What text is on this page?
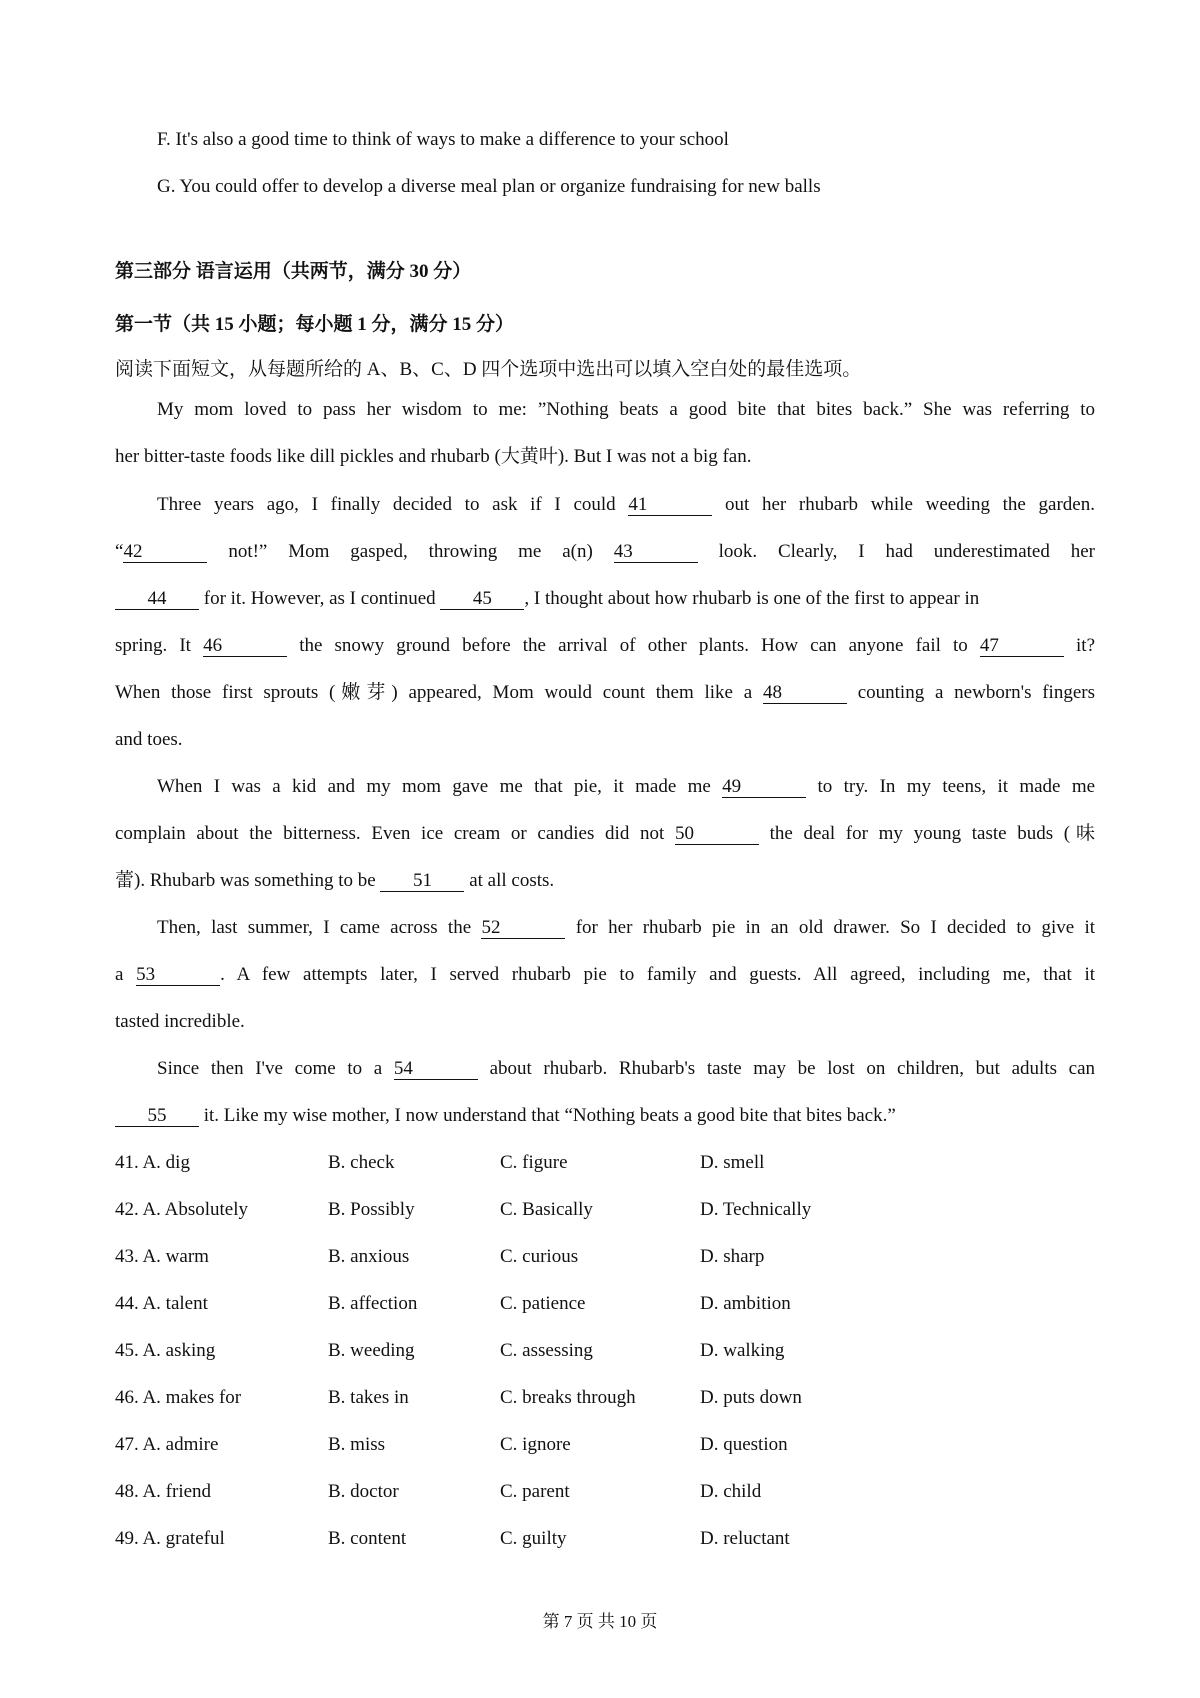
F. It's also a good time to think of ways to make a difference to your school
G. You could offer to develop a diverse meal plan or organize fundraising for new balls
第三部分 语言运用（共两节，满分 30 分）
第一节（共 15 小题；每小题 1 分，满分 15 分）
阅读下面短文，从每题所给的 A、B、C、D 四个选项中选出可以填入空白处的最佳选项。
My mom loved to pass her wisdom to me: ”Nothing beats a good bite that bites back.” She was referring to
her bitter-taste foods like dill pickles and rhubarb (大黄叶). But I was not a big fan.
Three years ago, I finally decided to ask if I could 41	out her rhubarb while weeding the garden.
“42	not!” Mom gasped, throwing me a(n) 43	look. Clearly, I had underestimated her
44 for it. However, as I continued 45 , I thought about how rhubarb is one of the first to appear in
spring. It 46	the snowy ground before the arrival of other plants. How can anyone fail to 47	it?
When those first sprouts (嫩芽) appeared, Mom would count them like a 48	counting a newborn's fingers
and toes.
When I was a kid and my mom gave me that pie, it made me 49	to try. In my teens, it made me
complain about the bitterness. Even ice cream or candies did not 50	the deal for my young taste buds (味
蕾). Rhubarb was something to be 51 at all costs.
Then, last summer, I came across the 52	for her rhubarb pie in an old drawer. So I decided to give it
a 53	. A few attempts later, I served rhubarb pie to family and guests. All agreed, including me, that it
tasted incredible.
Since then I've come to a 54	about rhubarb. Rhubarb's taste may be lost on children, but adults can
55 it. Like my wise mother, I now understand that “Nothing beats a good bite that bites back.”
41. A. dig	B. check	C. figure	D. smell
42. A. Absolutely	B. Possibly	C. Basically	D. Technically
43. A. warm	B. anxious	C. curious	D. sharp
44. A. talent	B. affection	C. patience	D. ambition
45. A. asking	B. weeding	C. assessing	D. walking
46. A. makes for	B. takes in	C. breaks through	D. puts down
47. A. admire	B. miss	C. ignore	D. question
48. A. friend	B. doctor	C. parent	D. child
49. A. grateful	B. content	C. guilty	D. reluctant
第 7 页 共 10 页
